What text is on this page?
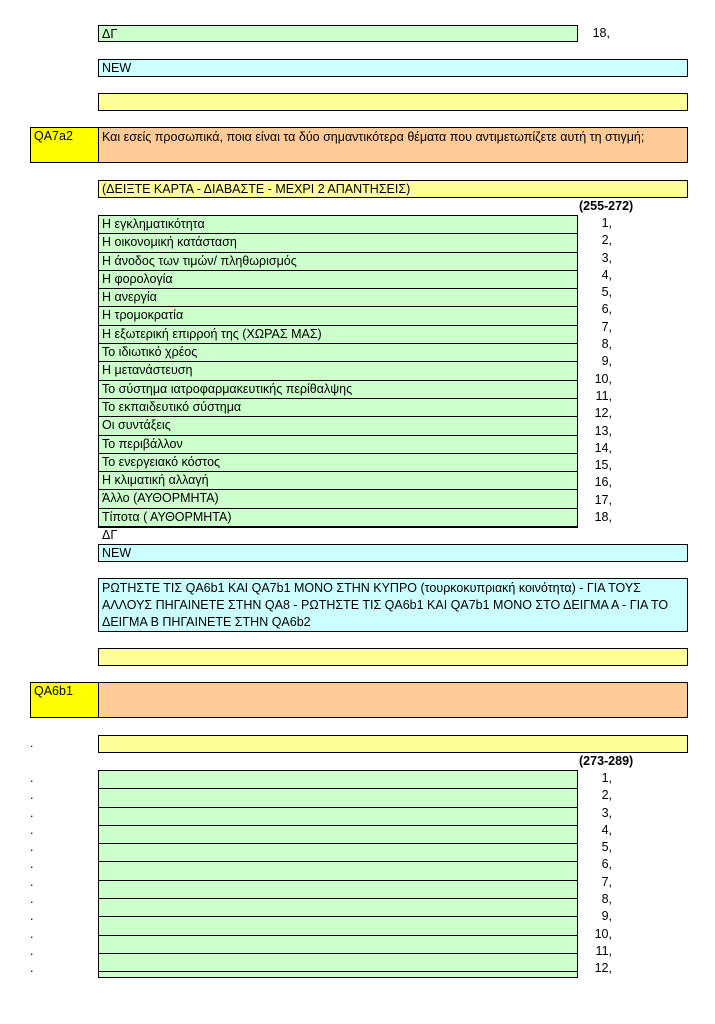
ΔΓ	18,
NEW
QA7a2	Και εσείς προσωπικά, ποια είναι τα δύο σημαντικότερα θέματα που αντιμετωπίζετε αυτή τη στιγμή;
(ΔΕΙΞΤΕ ΚΑΡΤΑ - ΔΙΑΒΑΣΤΕ - ΜΕΧΡΙ 2 ΑΠΑΝΤΗΣΕΙΣ)
(255-272)
Η εγκληματικότητα
Η οικονομική κατάσταση
Η άνοδος των τιμών/ πληθωρισμός
Η φορολογία
Η ανεργία
Η τρομοκρατία
Η εξωτερική επιρροή της (ΧΩΡΑΣ ΜΑΣ)
Το ιδιωτικό χρέος
Η μετανάστευση
Το σύστημα ιατροφαρμακευτικής περίθαλψης
Το εκπαιδευτικό σύστημα
Οι συντάξεις
Το περιβάλλον
Το ενεργειακό κόστος
Η κλιματική αλλαγή
Άλλο (ΑΥΘΟΡΜΗΤΑ)
Τίποτα ( ΑΥΘΟΡΜΗΤΑ)
ΔΓ
1,
2,
3,
4,
5,
6,
7,
8,
9,
10,
11,
12,
13,
14,
15,
16,
17,
18,
NEW
ΡΩΤΗΣΤΕ ΤΙΣ QA6b1 ΚΑΙ QA7b1 ΜΟΝΟ ΣΤΗΝ ΚΥΠΡΟ (τουρκοκυπριακή κοινότητα) - ΓΙΑ ΤΟΥΣ ΑΛΛΟΥΣ ΠΗΓΑΙΝΕΤΕ ΣΤΗΝ QA8 - ΡΩΤΗΣΤΕ ΤΙΣ QA6b1 ΚΑΙ QA7b1 ΜΟΝΟ ΣΤΟ ΔΕΙΓΜΑ Α - ΓΙΑ ΤΟ ΔΕΙΓΜΑ Β ΠΗΓΑΙΝΕΤΕ ΣΤΗΝ QA6b2
QA6b1
.
(273-289)
.
.
.
.
.
.
.
.
.
.
.
.
1,
2,
3,
4,
5,
6,
7,
8,
9,
10,
11,
12,
